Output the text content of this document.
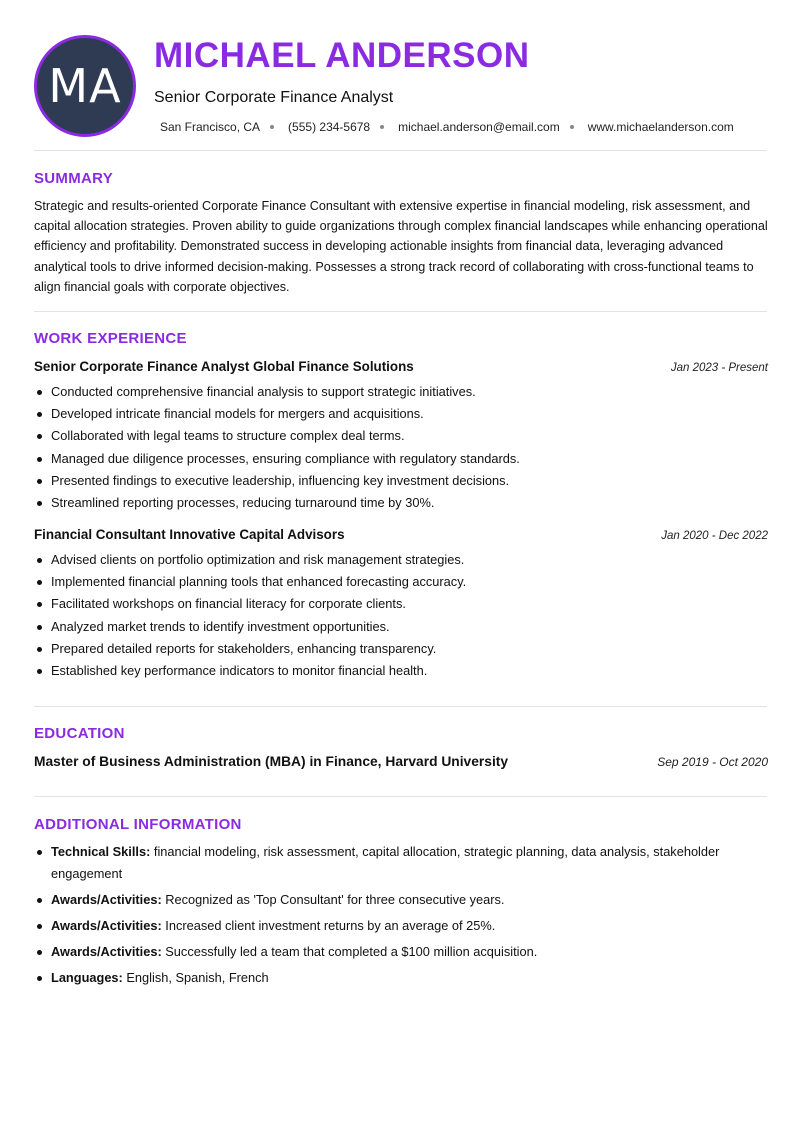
MA
MICHAEL ANDERSON
Senior Corporate Finance Analyst
San Francisco, CA (555) 234-5678 michael.anderson@email.com www.michaelanderson.com
SUMMARY

Strategic and results-oriented Corporate Finance Consultant with extensive expertise in financial modeling, risk assessment, and capital allocation strategies. Proven ability to guide organizations through complex financial landscapes while enhancing operational efficiency and profitability. Demonstrated success in developing actionable insights from financial data, leveraging advanced analytical tools to drive informed decision-making. Possesses a strong track record of collaborating with cross-functional teams to align financial goals with corporate objectives.

WORK EXPERIENCE
Senior Corporate Finance Analyst Global Finance Solutions	Jan 2023 - Present
Conducted comprehensive financial analysis to support strategic initiatives.
Developed intricate financial models for mergers and acquisitions.
Collaborated with legal teams to structure complex deal terms.
Managed due diligence processes, ensuring compliance with regulatory standards.
Presented findings to executive leadership, influencing key investment decisions.
Streamlined reporting processes, reducing turnaround time by 30%.
Financial Consultant Innovative Capital Advisors	Jan 2020 - Dec 2022
Advised clients on portfolio optimization and risk management strategies.
Implemented financial planning tools that enhanced forecasting accuracy.
Facilitated workshops on financial literacy for corporate clients.
Analyzed market trends to identify investment opportunities.
Prepared detailed reports for stakeholders, enhancing transparency.
Established key performance indicators to monitor financial health.
EDUCATION
Master of Business Administration (MBA) in Finance, Harvard University	Sep 2019 - Oct 2020
ADDITIONAL INFORMATION
Technical Skills: financial modeling, risk assessment, capital allocation, strategic planning, data analysis, stakeholder engagement
Awards/Activities: Recognized as 'Top Consultant' for three consecutive years.
Awards/Activities: Increased client investment returns by an average of 25%.
Awards/Activities: Successfully led a team that completed a $100 million acquisition.
Languages: English, Spanish, French
